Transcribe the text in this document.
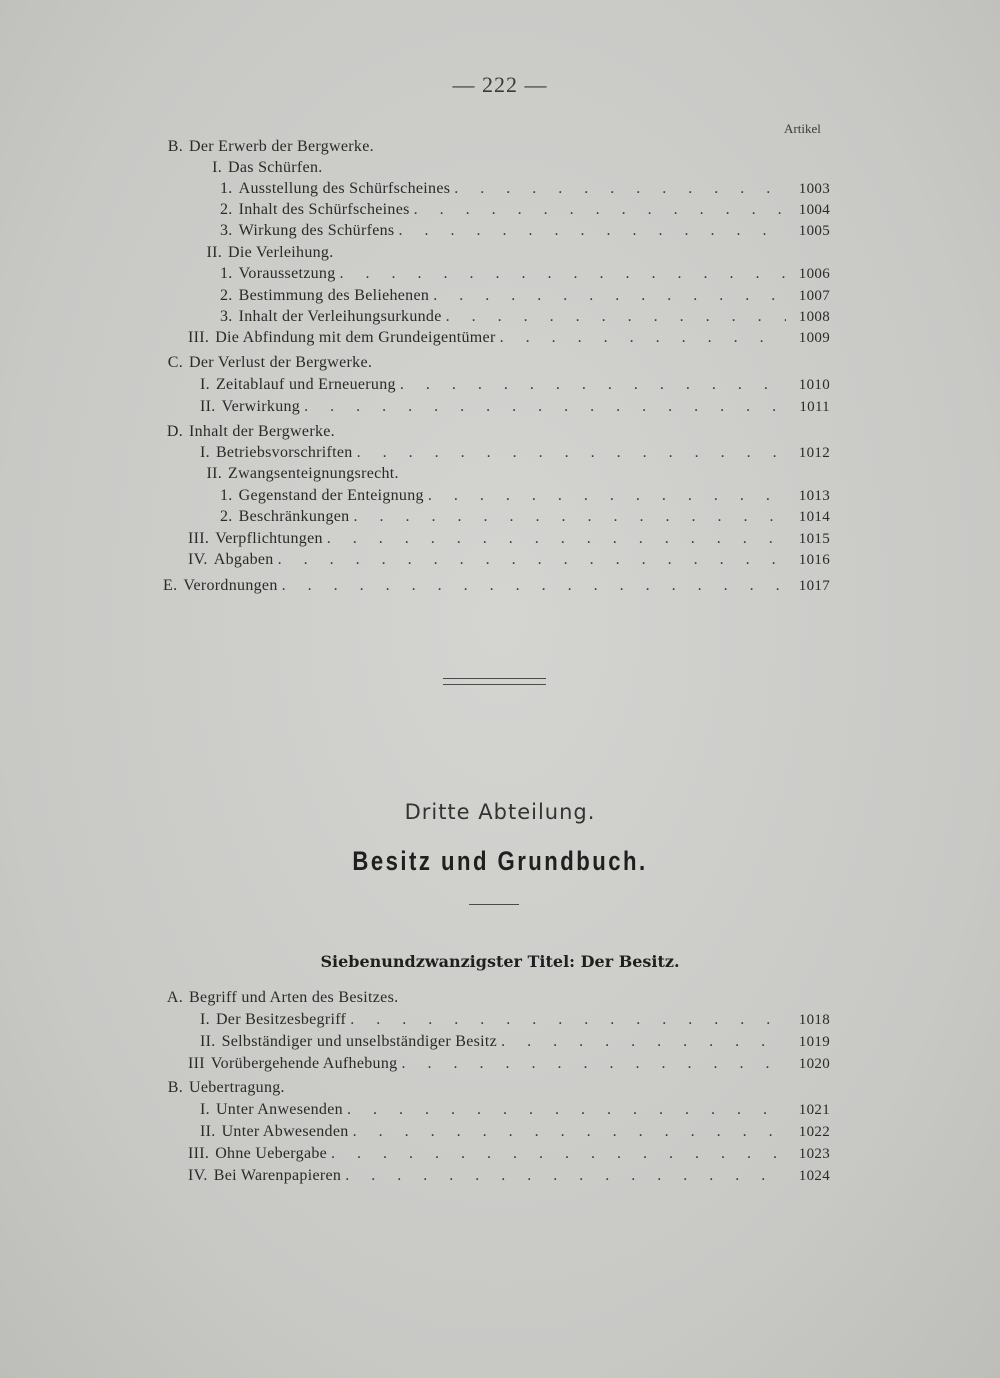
— 222 —
Artikel
B. Der Erwerb der Bergwerke.
I. Das Schürfen.
1. Ausstellung des Schürfscheines . . .	1003
2. Inhalt des Schürfscheines . . .	1004
3. Wirkung des Schürfens . . .	1005
II. Die Verleihung.
1. Voraussetzung . . .	1006
2. Bestimmung des Beliehenen . . .	1007
3. Inhalt der Verleihungsurkunde . . .	1008
III. Die Abfindung mit dem Grundeigentümer . . .	1009
C. Der Verlust der Bergwerke.
I. Zeitablauf und Erneuerung . . .	1010
II. Verwirkung . . .	1011
D. Inhalt der Bergwerke.
I. Betriebsvorschriften . . .	1012
II. Zwangsenteignungsrecht.
1. Gegenstand der Enteignung . . .	1013
2. Beschränkungen . . .	1014
III. Verpflichtungen . . .	1015
IV. Abgaben . . .	1016
E. Verordnungen . . .	1017
Dritte Abteilung.
Besitz und Grundbuch.
Siebenundzwanzigster Titel: Der Besitz.
A. Begriff und Arten des Besitzes.
I. Der Besitzesbegriff . . .	1018
II. Selbständiger und unselbständiger Besitz . . .	1019
III Vorübergehende Aufhebung . . .	1020
B. Uebertragung.
I. Unter Anwesenden . . .	1021
II. Unter Abwesenden . . .	1022
III. Ohne Uebergabe . . .	1023
IV. Bei Warenpapieren . . .	1024
